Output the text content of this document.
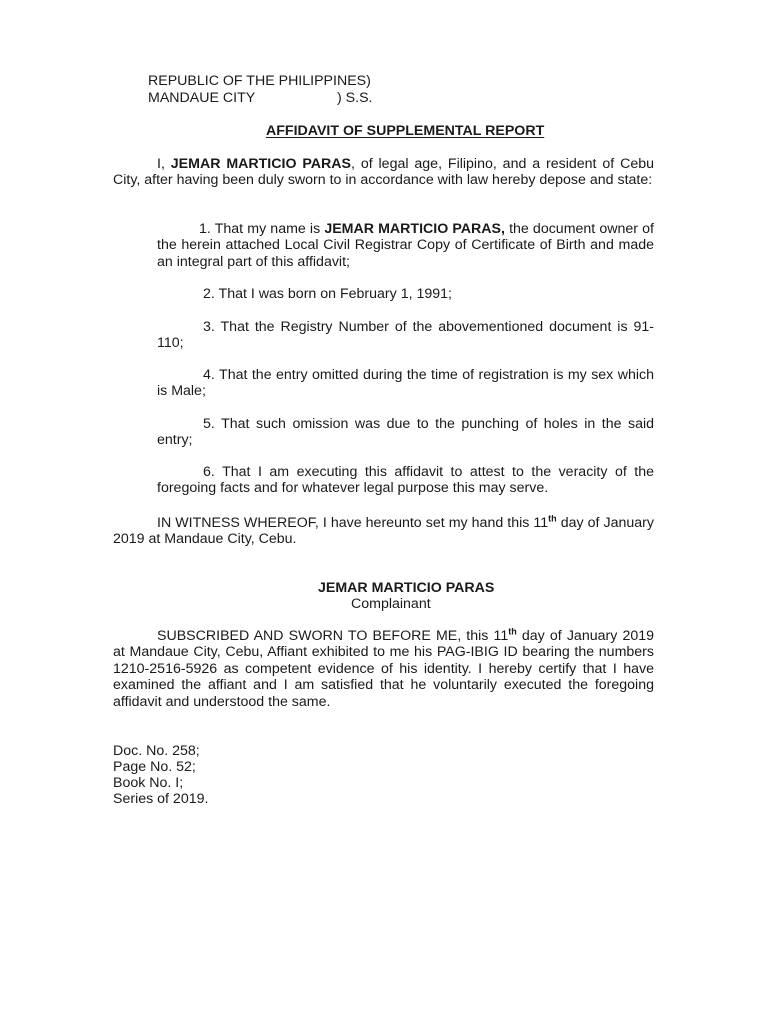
REPUBLIC OF THE PHILIPPINES)
MANDAUE CITY	) S.S.
AFFIDAVIT OF SUPPLEMENTAL REPORT
I, JEMAR MARTICIO PARAS, of legal age, Filipino, and a resident of Cebu City, after having been duly sworn to in accordance with law hereby depose and state:
1. That my name is JEMAR MARTICIO PARAS, the document owner of the herein attached Local Civil Registrar Copy of Certificate of Birth and made an integral part of this affidavit;
2. That I was born on February 1, 1991;
3. That the Registry Number of the abovementioned document is 91-110;
4. That the entry omitted during the time of registration is my sex which is Male;
5. That such omission was due to the punching of holes in the said entry;
6. That I am executing this affidavit to attest to the veracity of the foregoing facts and for whatever legal purpose this may serve.
IN WITNESS WHEREOF, I have hereunto set my hand this 11th day of January 2019 at Mandaue City, Cebu.
JEMAR MARTICIO PARAS
Complainant
SUBSCRIBED AND SWORN TO BEFORE ME, this 11th day of January 2019 at Mandaue City, Cebu, Affiant exhibited to me his PAG-IBIG ID bearing the numbers 1210-2516-5926 as competent evidence of his identity. I hereby certify that I have examined the affiant and I am satisfied that he voluntarily executed the foregoing affidavit and understood the same.
Doc. No. 258;
Page No. 52;
Book No. I;
Series of 2019.
